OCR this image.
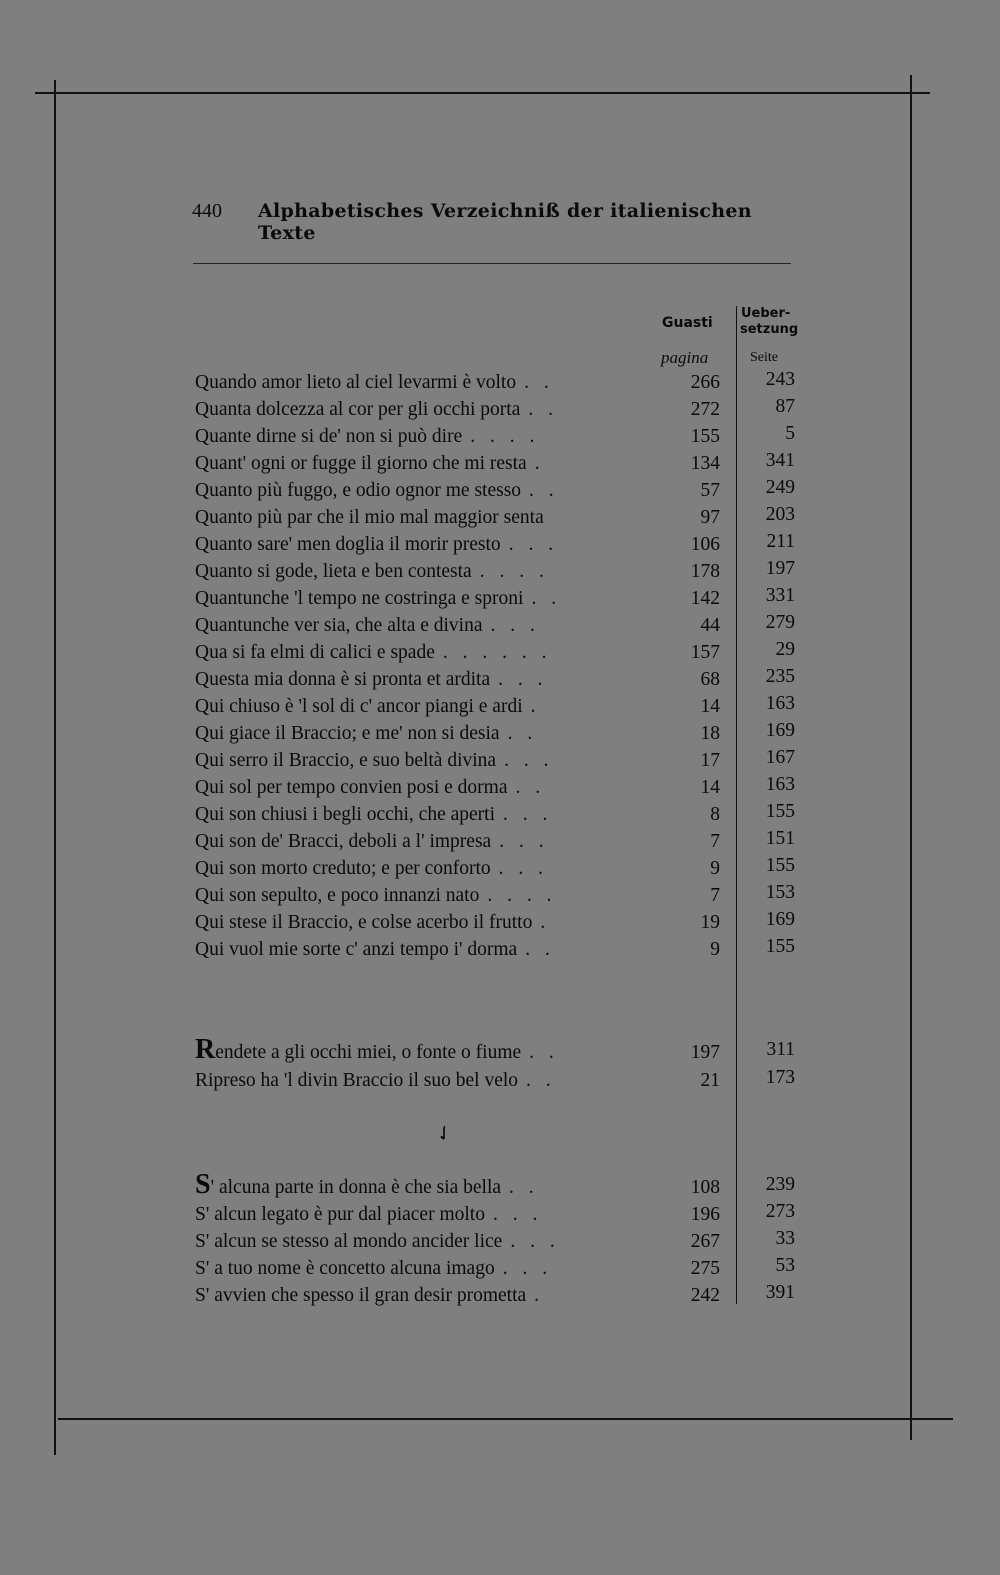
440 Alphabetisches Verzeichniß der italienischen Texte
Guasti
Ueber-
setzung
pagina	Seite
Quando amor lieto al ciel levarmi è volto . .	266	243
Quanta dolcezza al cor per gli occhi porta . .	272	87
Quante dirne si de' non si può dire . . . .	155	5
Quant' ogni or fugge il giorno che mi resta .	134	341
Quanto più fuggo, e odio ognor me stesso . .	57	249
Quanto più par che il mio mal maggior senta	97	203
Quanto sare' men doglia il morir presto . . .	106	211
Quanto si gode, lieta e ben contesta . . . .	178	197
Quantunche 'l tempo ne costringa e sproni . .	142	331
Quantunche ver sia, che alta e divina . . .	44	279
Qua si fa elmi di calici e spade . . . . . .	157	29
Questa mia donna è si pronta et ardita . . .	68	235
Qui chiuso è 'l sol di c' ancor piangi e ardi .	14	163
Qui giace il Braccio; e me' non si desia . .	18	169
Qui serro il Braccio, e suo beltà divina . . .	17	167
Qui sol per tempo convien posi e dorma . .	14	163
Qui son chiusi i begli occhi, che aperti . . .	8	155
Qui son de' Bracci, deboli a l' impresa . . .	7	151
Qui son morto creduto; e per conforto . . .	9	155
Qui son sepulto, e poco innanzi nato . . . .	7	153
Qui stese il Braccio, e colse acerbo il frutto .	19	169
Qui vuol mie sorte c' anzi tempo i' dorma . .	9	155
Rendete a gli occhi miei, o fonte o fiume . .	197	311
Ripreso ha 'l divin Braccio il suo bel velo . .	21	173
S' alcuna parte in donna è che sia bella . .	108	239
S' alcun legato è pur dal piacer molto . . .	196	273
S' alcun se stesso al mondo ancider lice . . .	267	33
S' a tuo nome è concetto alcuna imago . . .	275	53
S' avvien che spesso il gran desir prometta .	242	391
✓
